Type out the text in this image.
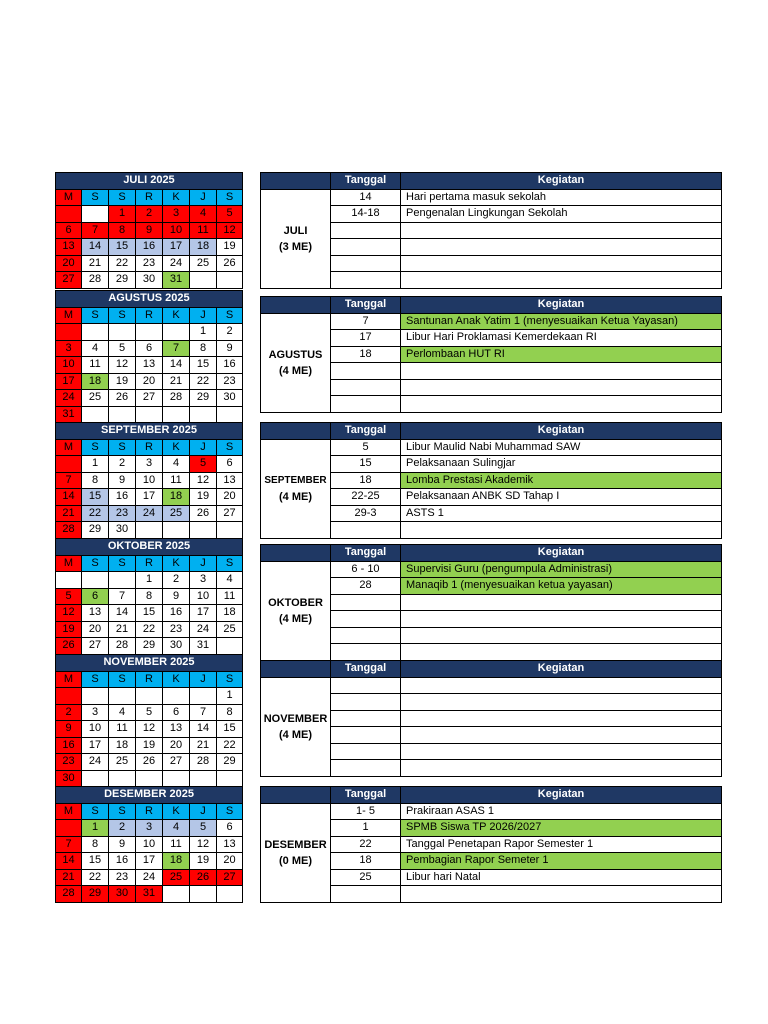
JULI 2025						
M	S	S	R	K	J	S
		1	2	3	4	5
6	7	8	9	10	11	12
13	14	15	16	17	18	19
20	21	22	23	24	25	26
27	28	29	30	31		
	Tanggal	Kegiatan

JULI
(3 ME)	14	Hari pertama masuk sekolah
	14-18	Pengenalan Lingkungan Sekolah

AGUSTUS 2025						
M	S	S	R	K	J	S
					1	2
3	4	5	6	7	8	9
10	11	12	13	14	15	16
17	18	19	20	21	22	23
24	25	26	27	28	29	30
31						
	Tanggal	Kegiatan

AGUSTUS
(4 ME)	7	Santunan Anak Yatim 1 (menyesuaikan Ketua Yayasan)
	17	Libur Hari Proklamasi Kemerdekaan RI
	18	Perlombaan HUT RI

SEPTEMBER 2025						
M	S	S	R	K	J	S
	1	2	3	4	5	6
7	8	9	10	11	12	13
14	15	16	17	18	19	20
21	22	23	24	25	26	27
28	29	30				
	Tanggal	Kegiatan

SEPTEMBER
(4 ME)	5	Libur Maulid Nabi Muhammad SAW
	15	Pelaksanaan Sulingjar
	18	Lomba Prestasi Akademik
	22-25	Pelaksanaan ANBK SD Tahap I
	29-3	ASTS 1

OKTOBER 2025						
M	S	S	R	K	J	S
			1	2	3	4
5	6	7	8	9	10	11
12	13	14	15	16	17	18
19	20	21	22	23	24	25
26	27	28	29	30	31	
	Tanggal	Kegiatan

OKTOBER
(4 ME)	6 - 10	Supervisi Guru (pengumpula Administrasi)
	28	Manaqib 1 (menyesuaikan ketua yayasan)

NOVEMBER 2025						
M	S	S	R	K	J	S
						1
2	3	4	5	6	7	8
9	10	11	12	13	14	15
16	17	18	19	20	21	22
23	24	25	26	27	28	29
30						
	Tanggal	Kegiatan

NOVEMBER
(4 ME)		

DESEMBER 2025						
M	S	S	R	K	J	S
	1	2	3	4	5	6
7	8	9	10	11	12	13
14	15	16	17	18	19	20
21	22	23	24	25	26	27
28	29	30	31			
	Tanggal	Kegiatan

DESEMBER
(0 ME)	1- 5	Prakiraan ASAS 1
	1	SPMB Siswa TP 2026/2027
	22	Tanggal Penetapan Rapor Semester 1
	18	Pembagian Rapor Semeter 1
	25	Libur hari Natal
